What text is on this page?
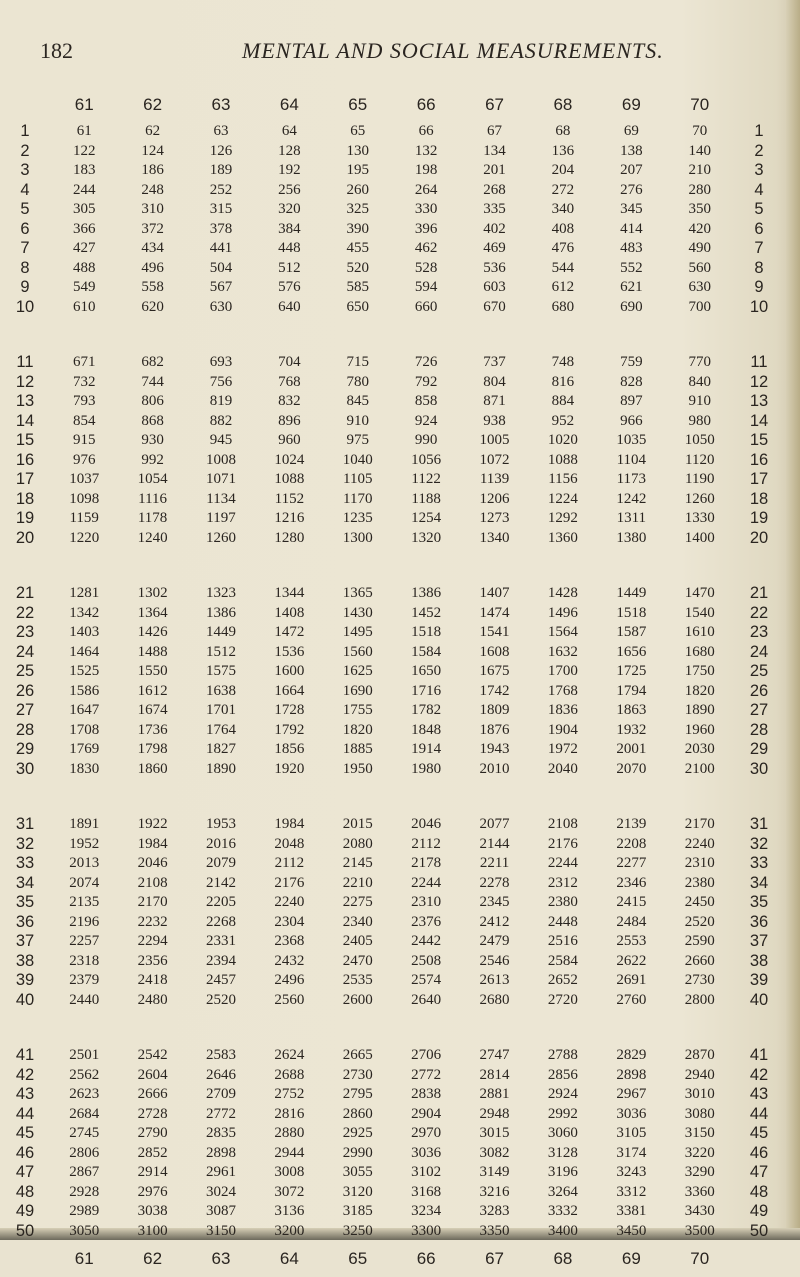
182	MENTAL AND SOCIAL MEASUREMENTS.
	61	62	63	64	65	66	67	68	69	70	
1	61	62	63	64	65	66	67	68	69	70	1
2	122	124	126	128	130	132	134	136	138	140	2
3	183	186	189	192	195	198	201	204	207	210	3
4	244	248	252	256	260	264	268	272	276	280	4
5	305	310	315	320	325	330	335	340	345	350	5
6	366	372	378	384	390	396	402	408	414	420	6
7	427	434	441	448	455	462	469	476	483	490	7
8	488	496	504	512	520	528	536	544	552	560	8
9	549	558	567	576	585	594	603	612	621	630	9
10	610	620	630	640	650	660	670	680	690	700	10

11	671	682	693	704	715	726	737	748	759	770	11
12	732	744	756	768	780	792	804	816	828	840	12
13	793	806	819	832	845	858	871	884	897	910	13
14	854	868	882	896	910	924	938	952	966	980	14
15	915	930	945	960	975	990	1005	1020	1035	1050	15
16	976	992	1008	1024	1040	1056	1072	1088	1104	1120	16
17	1037	1054	1071	1088	1105	1122	1139	1156	1173	1190	17
18	1098	1116	1134	1152	1170	1188	1206	1224	1242	1260	18
19	1159	1178	1197	1216	1235	1254	1273	1292	1311	1330	19
20	1220	1240	1260	1280	1300	1320	1340	1360	1380	1400	20

21	1281	1302	1323	1344	1365	1386	1407	1428	1449	1470	21
22	1342	1364	1386	1408	1430	1452	1474	1496	1518	1540	22
23	1403	1426	1449	1472	1495	1518	1541	1564	1587	1610	23
24	1464	1488	1512	1536	1560	1584	1608	1632	1656	1680	24
25	1525	1550	1575	1600	1625	1650	1675	1700	1725	1750	25
26	1586	1612	1638	1664	1690	1716	1742	1768	1794	1820	26
27	1647	1674	1701	1728	1755	1782	1809	1836	1863	1890	27
28	1708	1736	1764	1792	1820	1848	1876	1904	1932	1960	28
29	1769	1798	1827	1856	1885	1914	1943	1972	2001	2030	29
30	1830	1860	1890	1920	1950	1980	2010	2040	2070	2100	30

31	1891	1922	1953	1984	2015	2046	2077	2108	2139	2170	31
32	1952	1984	2016	2048	2080	2112	2144	2176	2208	2240	32
33	2013	2046	2079	2112	2145	2178	2211	2244	2277	2310	33
34	2074	2108	2142	2176	2210	2244	2278	2312	2346	2380	34
35	2135	2170	2205	2240	2275	2310	2345	2380	2415	2450	35
36	2196	2232	2268	2304	2340	2376	2412	2448	2484	2520	36
37	2257	2294	2331	2368	2405	2442	2479	2516	2553	2590	37
38	2318	2356	2394	2432	2470	2508	2546	2584	2622	2660	38
39	2379	2418	2457	2496	2535	2574	2613	2652	2691	2730	39
40	2440	2480	2520	2560	2600	2640	2680	2720	2760	2800	40

41	2501	2542	2583	2624	2665	2706	2747	2788	2829	2870	41
42	2562	2604	2646	2688	2730	2772	2814	2856	2898	2940	42
43	2623	2666	2709	2752	2795	2838	2881	2924	2967	3010	43
44	2684	2728	2772	2816	2860	2904	2948	2992	3036	3080	44
45	2745	2790	2835	2880	2925	2970	3015	3060	3105	3150	45
46	2806	2852	2898	2944	2990	3036	3082	3128	3174	3220	46
47	2867	2914	2961	3008	3055	3102	3149	3196	3243	3290	47
48	2928	2976	3024	3072	3120	3168	3216	3264	3312	3360	48
49	2989	3038	3087	3136	3185	3234	3283	3332	3381	3430	49
50	3050	3100	3150	3200	3250	3300	3350	3400	3450	3500	50
	61	62	63	64	65	66	67	68	69	70	
